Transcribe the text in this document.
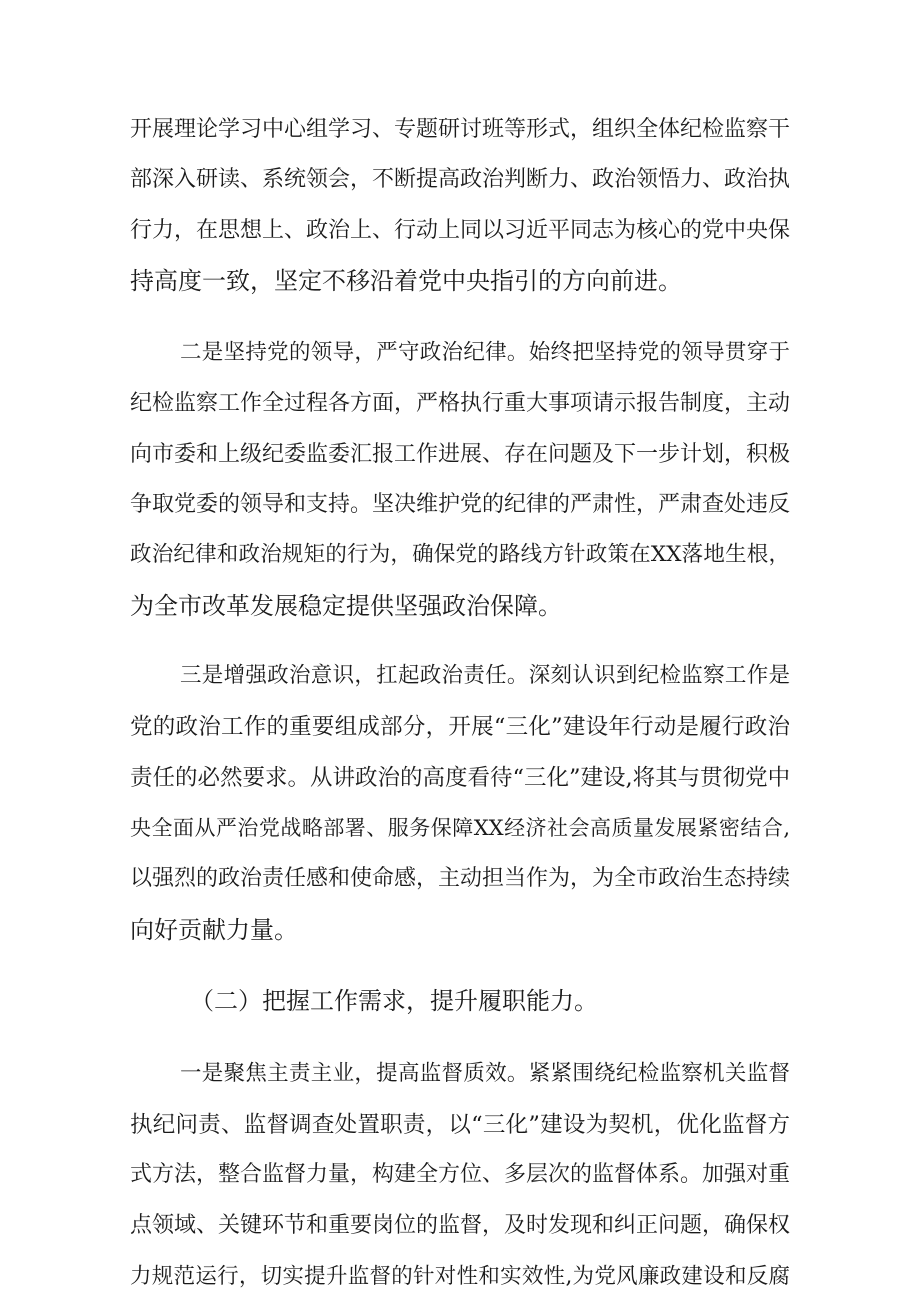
开展理论学习中心组学习、专题研讨班等形式，组织全体纪检监察干
部深入研读、系统领会，不断提高政治判断力、政治领悟力、政治执
行力，在思想上、政治上、行动上同以习近平同志为核心的党中央保
持高度一致，坚定不移沿着党中央指引的方向前进。
二是坚持党的领导，严守政治纪律。始终把坚持党的领导贯穿于
纪检监察工作全过程各方面，严格执行重大事项请示报告制度，主动
向市委和上级纪委监委汇报工作进展、存在问题及下一步计划，积极
争取党委的领导和支持。坚决维护党的纪律的严肃性，严肃查处违反
政治纪律和政治规矩的行为，确保党的路线方针政策在XX落地生根，
为全市改革发展稳定提供坚强政治保障。
三是增强政治意识，扛起政治责任。深刻认识到纪检监察工作是
党的政治工作的重要组成部分，开展“三化”建设年行动是履行政治
责任的必然要求。从讲政治的高度看待“三化”建设,将其与贯彻党中
央全面从严治党战略部署、服务保障XX经济社会高质量发展紧密结合,
以强烈的政治责任感和使命感，主动担当作为，为全市政治生态持续
向好贡献力量。
（二）把握工作需求，提升履职能力。
一是聚焦主责主业，提高监督质效。紧紧围绕纪检监察机关监督
执纪问责、监督调查处置职责，以“三化”建设为契机，优化监督方
式方法，整合监督力量，构建全方位、多层次的监督体系。加强对重
点领域、关键环节和重要岗位的监督，及时发现和纠正问题，确保权
力规范运行，切实提升监督的针对性和实效性,为党风廉政建设和反腐
